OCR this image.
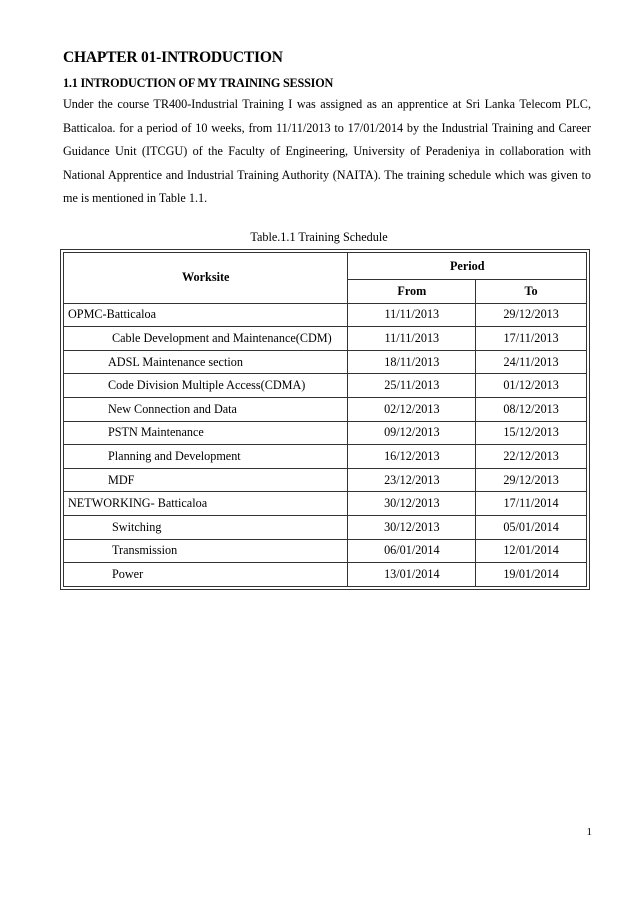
CHAPTER 01-INTRODUCTION
1.1 INTRODUCTION OF MY TRAINING SESSION

Under the course TR400-Industrial Training I was assigned as an apprentice at Sri Lanka Telecom PLC, Batticaloa. for a period of 10 weeks, from 11/11/2013 to 17/01/2014 by the Industrial Training and Career Guidance Unit (ITCGU) of the Faculty of Engineering, University of Peradeniya in collaboration with National Apprentice and Industrial Training Authority (NAITA). The training schedule which was given to me is mentioned in Table 1.1.

Table.1.1 Training Schedule

Worksite	Period	
	From	To
OPMC-Batticaloa	11/11/2013	29/12/2013
Cable Development and Maintenance(CDM)	11/11/2013	17/11/2013
ADSL Maintenance section	18/11/2013	24/11/2013
Code Division Multiple Access(CDMA)	25/11/2013	01/12/2013
New Connection and Data	02/12/2013	08/12/2013
PSTN Maintenance	09/12/2013	15/12/2013
Planning and Development	16/12/2013	22/12/2013
MDF	23/12/2013	29/12/2013
NETWORKING- Batticaloa	30/12/2013	17/11/2014
Switching	30/12/2013	05/01/2014
Transmission	06/01/2014	12/01/2014
Power	13/01/2014	19/01/2014

1
